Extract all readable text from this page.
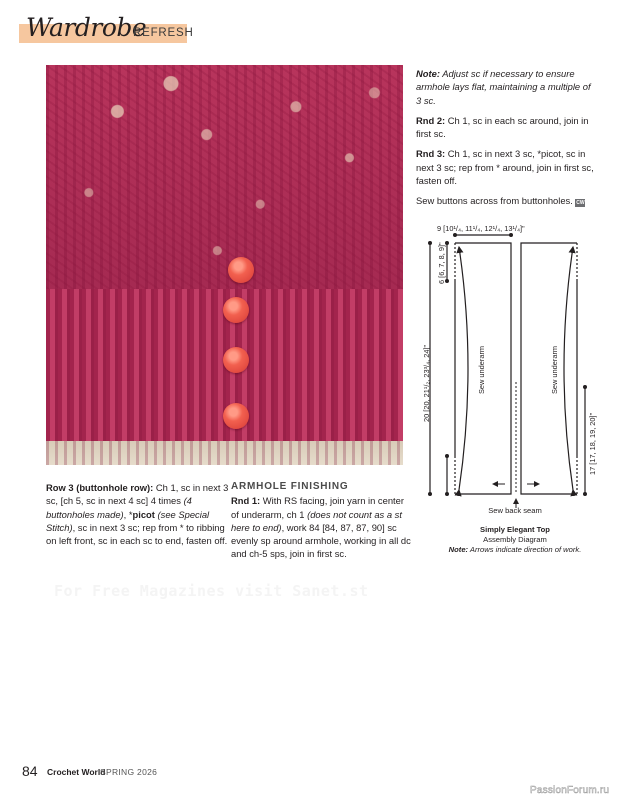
Wardrobe
REFRESH

Row 3 (buttonhole row): Ch 1, sc in next 3 sc, [ch 5, sc in next 4 sc] 4 times (4 buttonholes made), *picot (see Special Stitch), sc in next 3 sc; rep from * to ribbing on left front, sc in each sc to end, fasten off.

ARMHOLE FINISHING

Rnd 1: With RS facing, join yarn in center of underarm, ch 1 (does not count as a st here to end), work 84 [84, 87, 87, 90] sc evenly sp around armhole, working in all dc and ch-5 sps, join in first sc.

Note: Adjust sc if necessary to ensure armhole lays flat, maintaining a multiple of 3 sc.

Rnd 2: Ch 1, sc in each sc around, join in first sc.

Rnd 3: Ch 1, sc in next 3 sc, *picot, sc in next 3 sc; rep from * around, join in first sc, fasten off.

Sew buttons across from buttonholes. CW

9 [10¹/₄, 11¹/₄, 12¹/₄, 13¹/₄]"
20 [20, 21¹/₂, 23³/₄, 24]"
6 [6, 7, 8, 9]"
Sew underarm	Sew underarm
17 [17, 18, 19, 20]"
Sew back seam
Simply Elegant Top
Assembly Diagram
Note: Arrows indicate direction of work.
For Free Magazines visit Sanet.st
84 Crochet World
SPRING 2026
PassionForum.ru
